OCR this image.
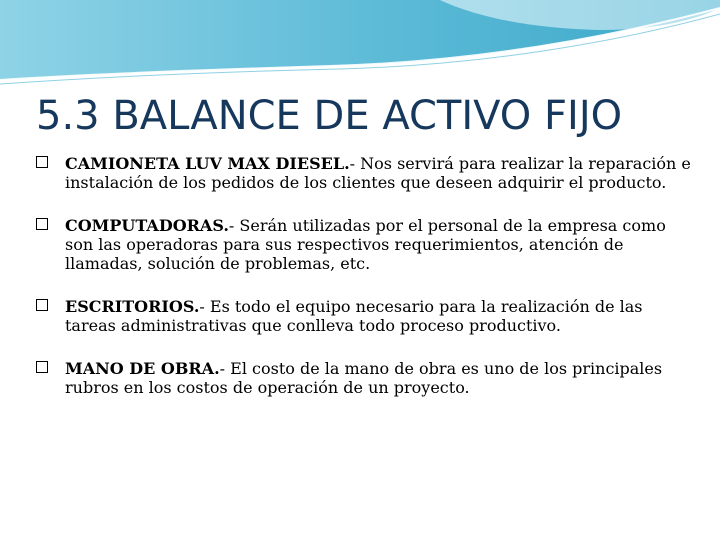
5.3 BALANCE DE ACTIVO FIJO
CAMIONETA LUV MAX DIESEL.- Nos servirá para realizar la reparación e instalación de los pedidos de los clientes que deseen adquirir el producto.
COMPUTADORAS.- Serán utilizadas por el personal de la empresa como son las operadoras para sus respectivos requerimientos, atención de llamadas, solución de problemas, etc.
ESCRITORIOS.- Es todo el equipo necesario para la realización de las tareas administrativas que conlleva todo proceso productivo.
MANO DE OBRA.- El costo de la mano de obra es uno de los principales rubros en los costos de operación de un proyecto.
